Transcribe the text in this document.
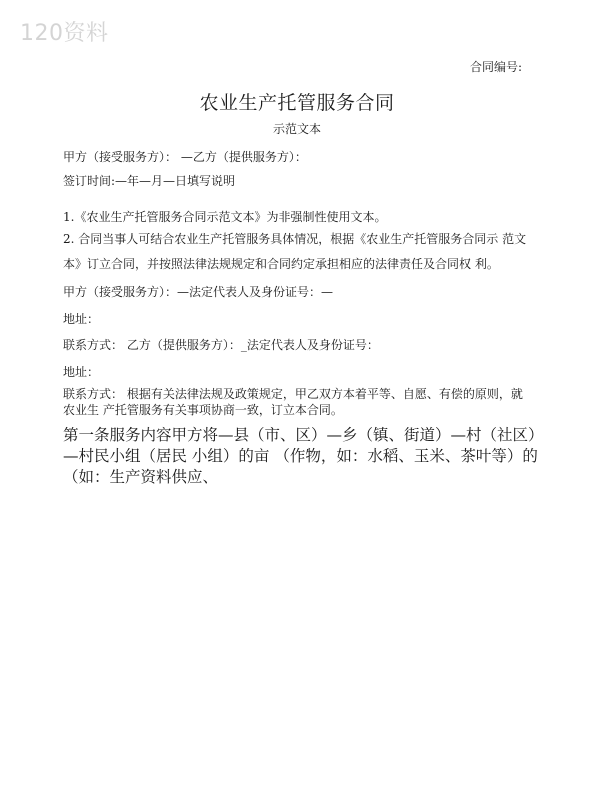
120资料
合同编号:
农业生产托管服务合同
示范文本
甲方（接受服务方）： —乙方（提供服务方）：
签订时间:—年—月—日填写说明
1.《农业生产托管服务合同示范文本》为非强制性使用文本。
2. 合同当事人可结合农业生产托管服务具体情况，根据《农业生产托管服务合同示 范文本》订立合同，并按照法律法规规定和合同约定承担相应的法律责任及合同权 利。
甲方（接受服务方）：—法定代表人及身份证号：—
地址：
联系方式： 乙方（提供服务方）：_法定代表人及身份证号：
地址：
联系方式： 根据有关法律法规及政策规定，甲乙双方本着平等、自愿、有偿的原则，就农业生 产托管服务有关事项协商一致，订立本合同。
第一条服务内容甲方将—县（市、区）—乡（镇、街道）—村（社区）—村民小组（居民 小组）的亩 （作物，如：水稻、玉米、茶叶等）的（如：生产资料供应、
